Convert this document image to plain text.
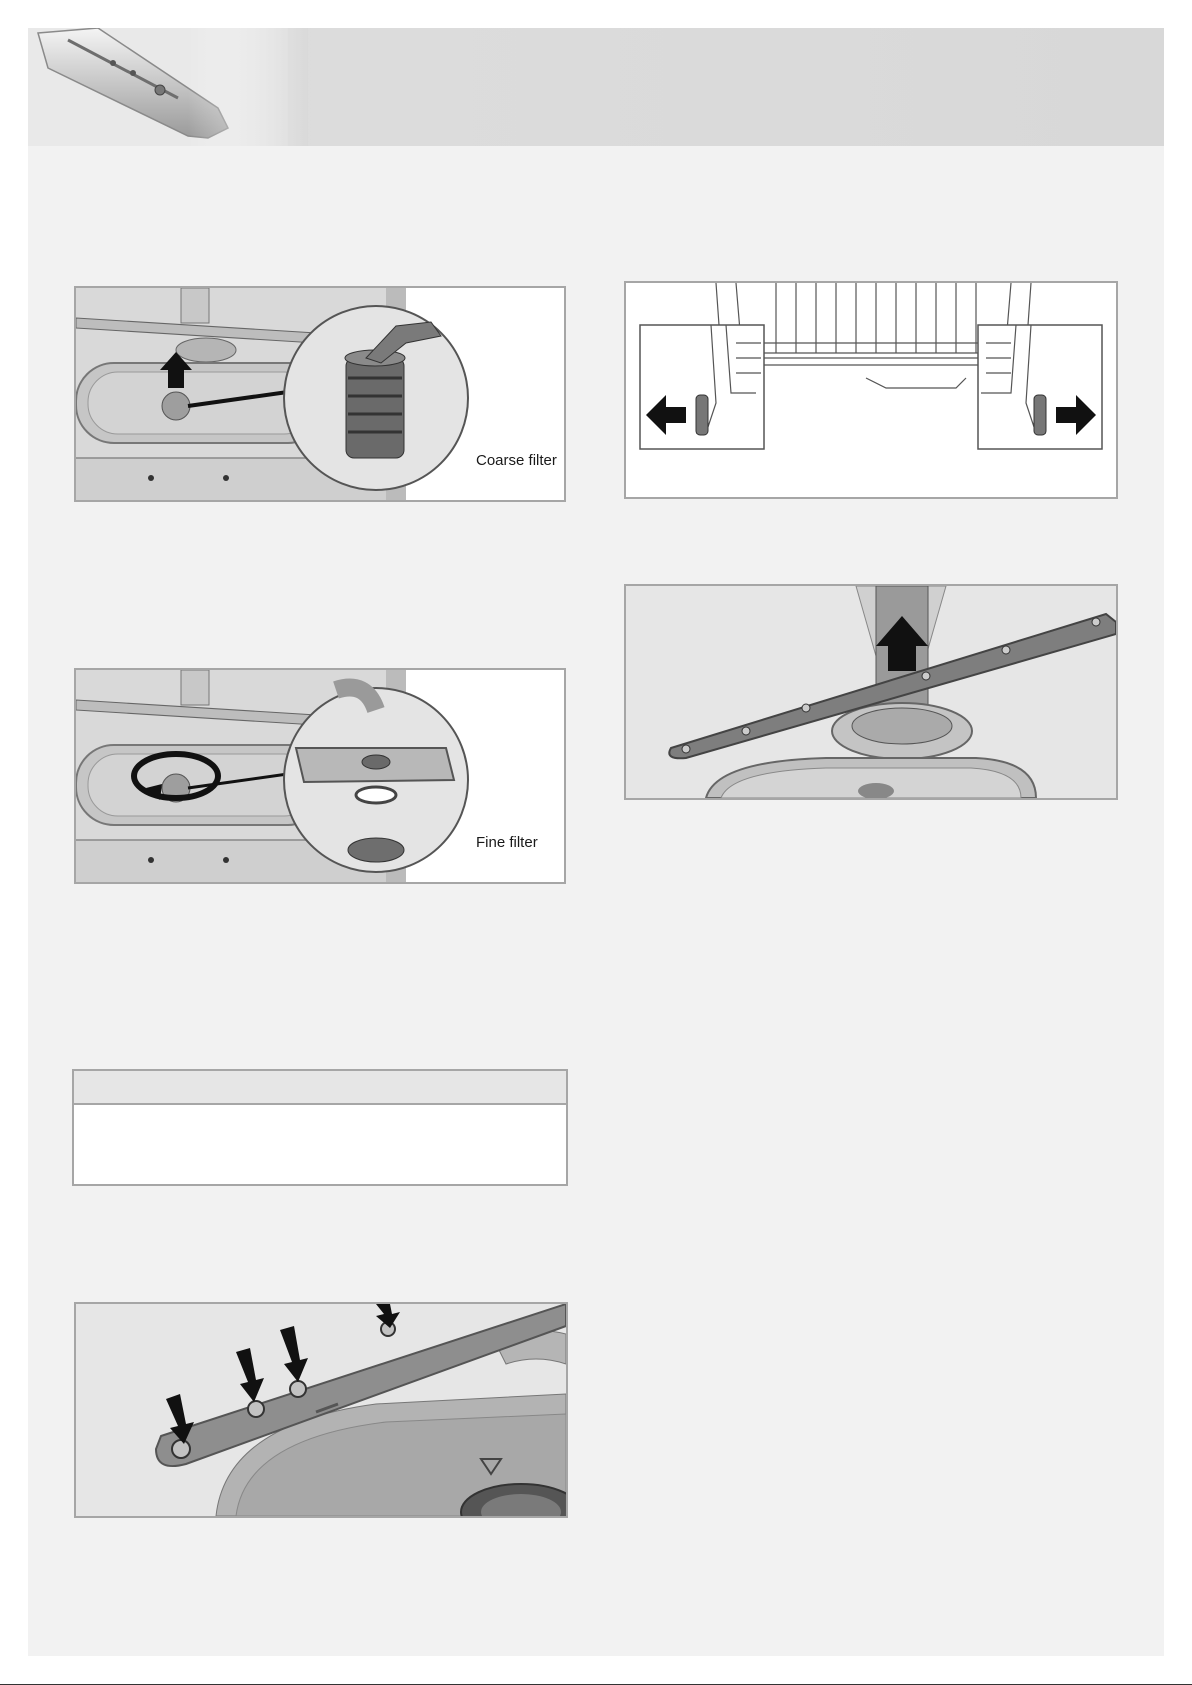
Coarse filter
Fine filter
